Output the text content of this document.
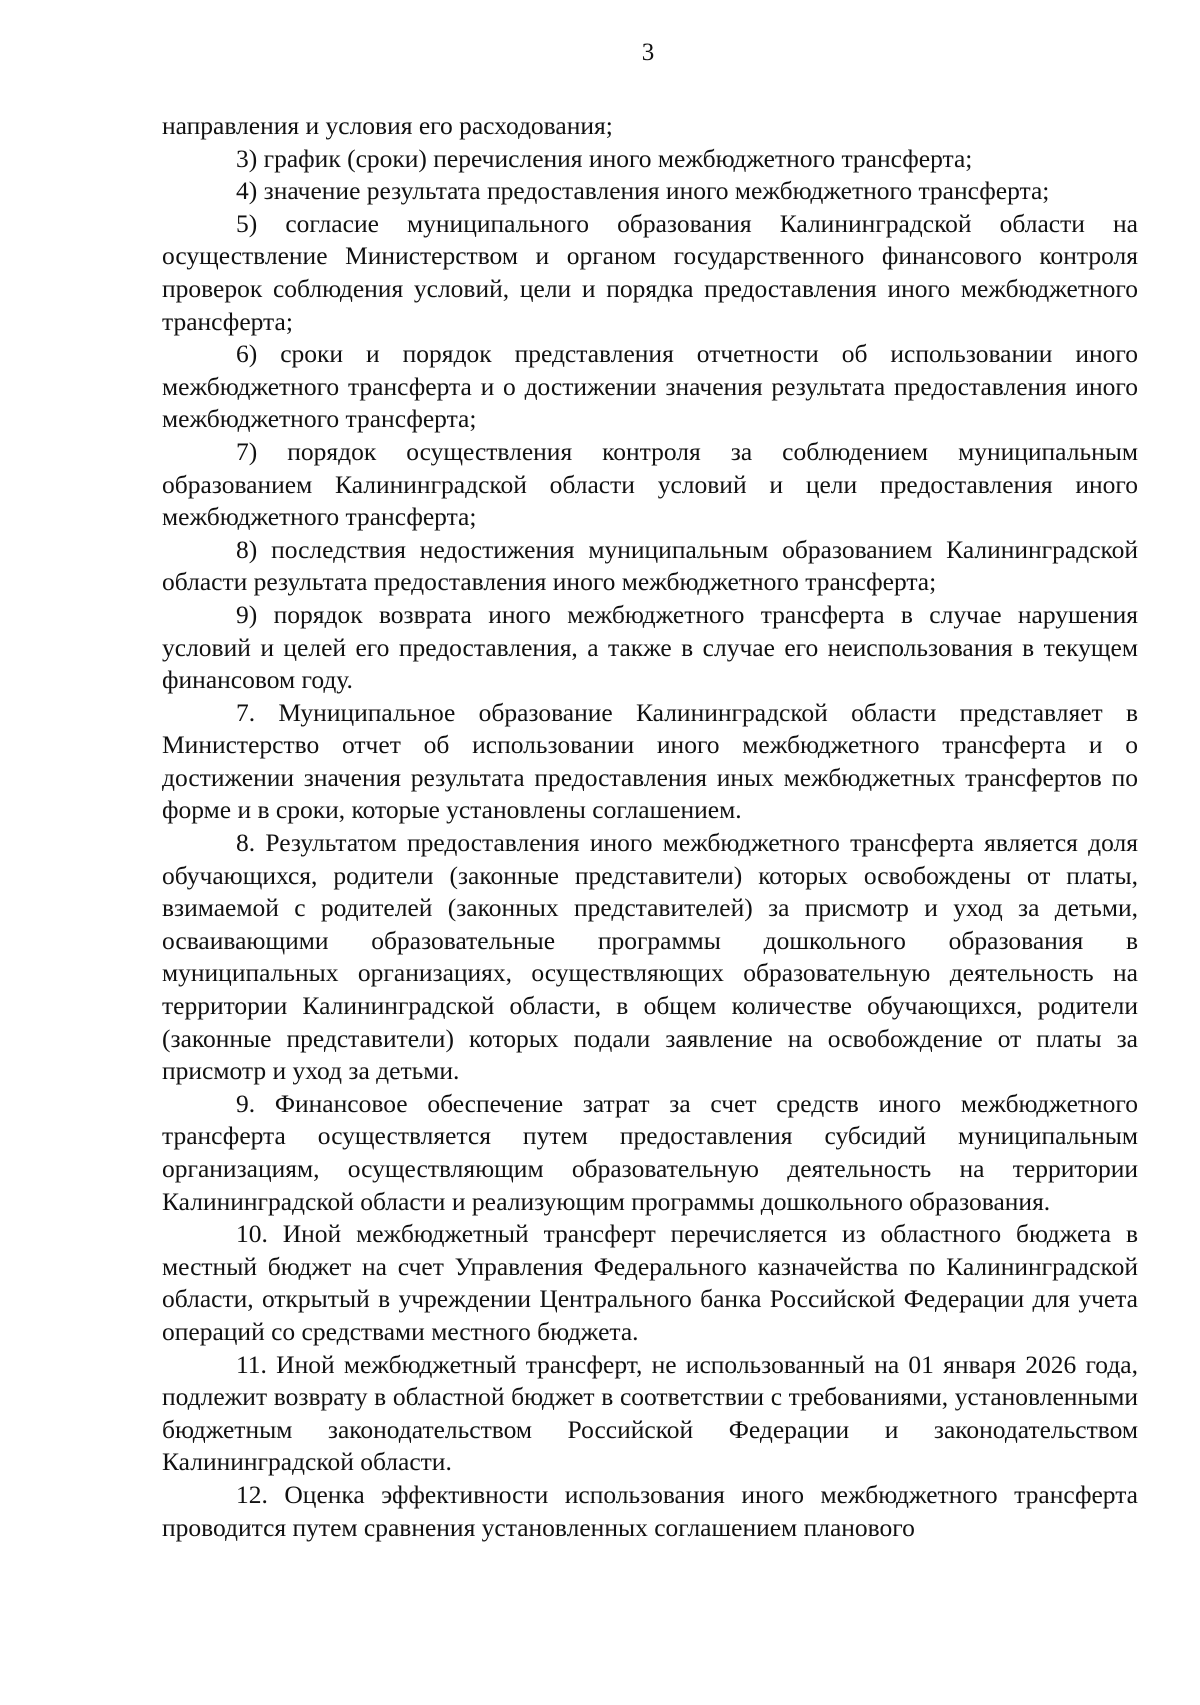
3

направления и условия его расходования;

3) график (сроки) перечисления иного межбюджетного трансферта;

4) значение результата предоставления иного межбюджетного трансферта;

5) согласие муниципального образования Калининградской области на осуществление Министерством и органом государственного финансового контроля проверок соблюдения условий, цели и порядка предоставления иного межбюджетного трансферта;

6) сроки и порядок представления отчетности об использовании иного межбюджетного трансферта и о достижении значения результата предоставления иного межбюджетного трансферта;

7) порядок осуществления контроля за соблюдением муниципальным образованием Калининградской области условий и цели предоставления иного межбюджетного трансферта;

8) последствия недостижения муниципальным образованием Калининградской области результата предоставления иного межбюджетного трансферта;

9) порядок возврата иного межбюджетного трансферта в случае нарушения условий и целей его предоставления, а также в случае его неиспользования в текущем финансовом году.

7. Муниципальное образование Калининградской области представляет в Министерство отчет об использовании иного межбюджетного трансферта и о достижении значения результата предоставления иных межбюджетных трансфертов по форме и в сроки, которые установлены соглашением.

8. Результатом предоставления иного межбюджетного трансферта является доля обучающихся, родители (законные представители) которых освобождены от платы, взимаемой с родителей (законных представителей) за присмотр и уход за детьми, осваивающими образовательные программы дошкольного образования в муниципальных организациях, осуществляющих образовательную деятельность на территории Калининградской области, в общем количестве обучающихся, родители (законные представители) которых подали заявление на освобождение от платы за присмотр и уход за детьми.

9. Финансовое обеспечение затрат за счет средств иного межбюджетного трансферта осуществляется путем предоставления субсидий муниципальным организациям, осуществляющим образовательную деятельность на территории Калининградской области и реализующим программы дошкольного образования.

10. Иной межбюджетный трансферт перечисляется из областного бюджета в местный бюджет на счет Управления Федерального казначейства по Калининградской области, открытый в учреждении Центрального банка Российской Федерации для учета операций со средствами местного бюджета.

11. Иной межбюджетный трансферт, не использованный на 01 января 2026 года, подлежит возврату в областной бюджет в соответствии с требованиями, установленными бюджетным законодательством Российской Федерации и законодательством Калининградской области.

12. Оценка эффективности использования иного межбюджетного трансферта проводится путем сравнения установленных соглашением планового
